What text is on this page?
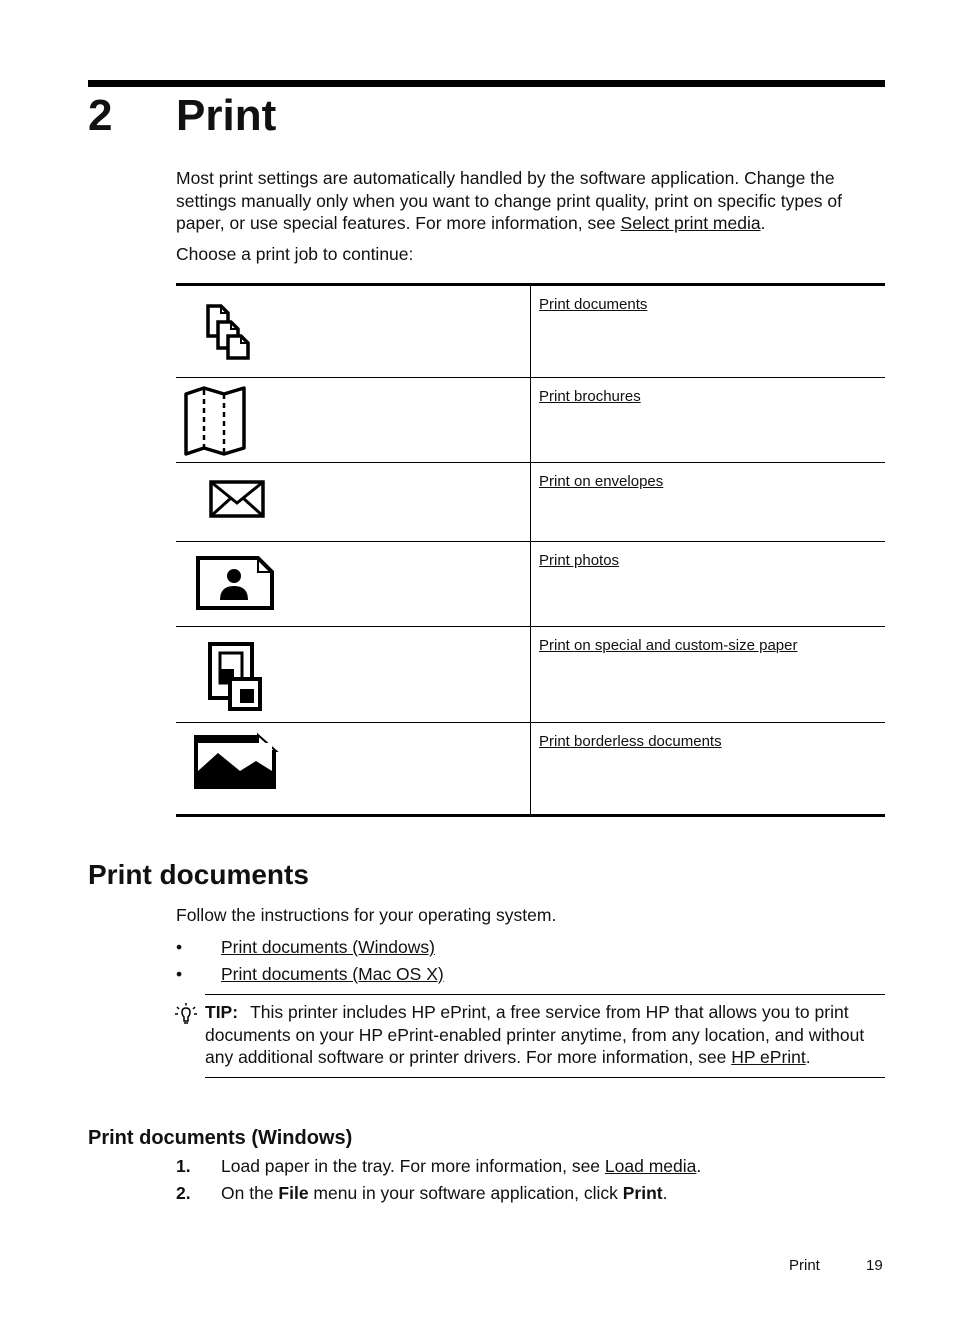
2 Print

Most print settings are automatically handled by the software application. Change the settings manually only when you want to change print quality, print on specific types of paper, or use special features. For more information, see Select print media.

Choose a print job to continue:

Print documents
Print brochures
Print on envelopes
Print photos
Print on special and custom-size paper
Print borderless documents
Print documents

Follow the instructions for your operating system.

• Print documents (Windows)
• Print documents (Mac OS X)
TIP: This printer includes HP ePrint, a free service from HP that allows you to print documents on your HP ePrint-enabled printer anytime, from any location, and without any additional software or printer drivers. For more information, see HP ePrint.
Print documents (Windows)
1. Load paper in the tray. For more information, see Load media.
2. On the File menu in your software application, click Print.
Print	19
